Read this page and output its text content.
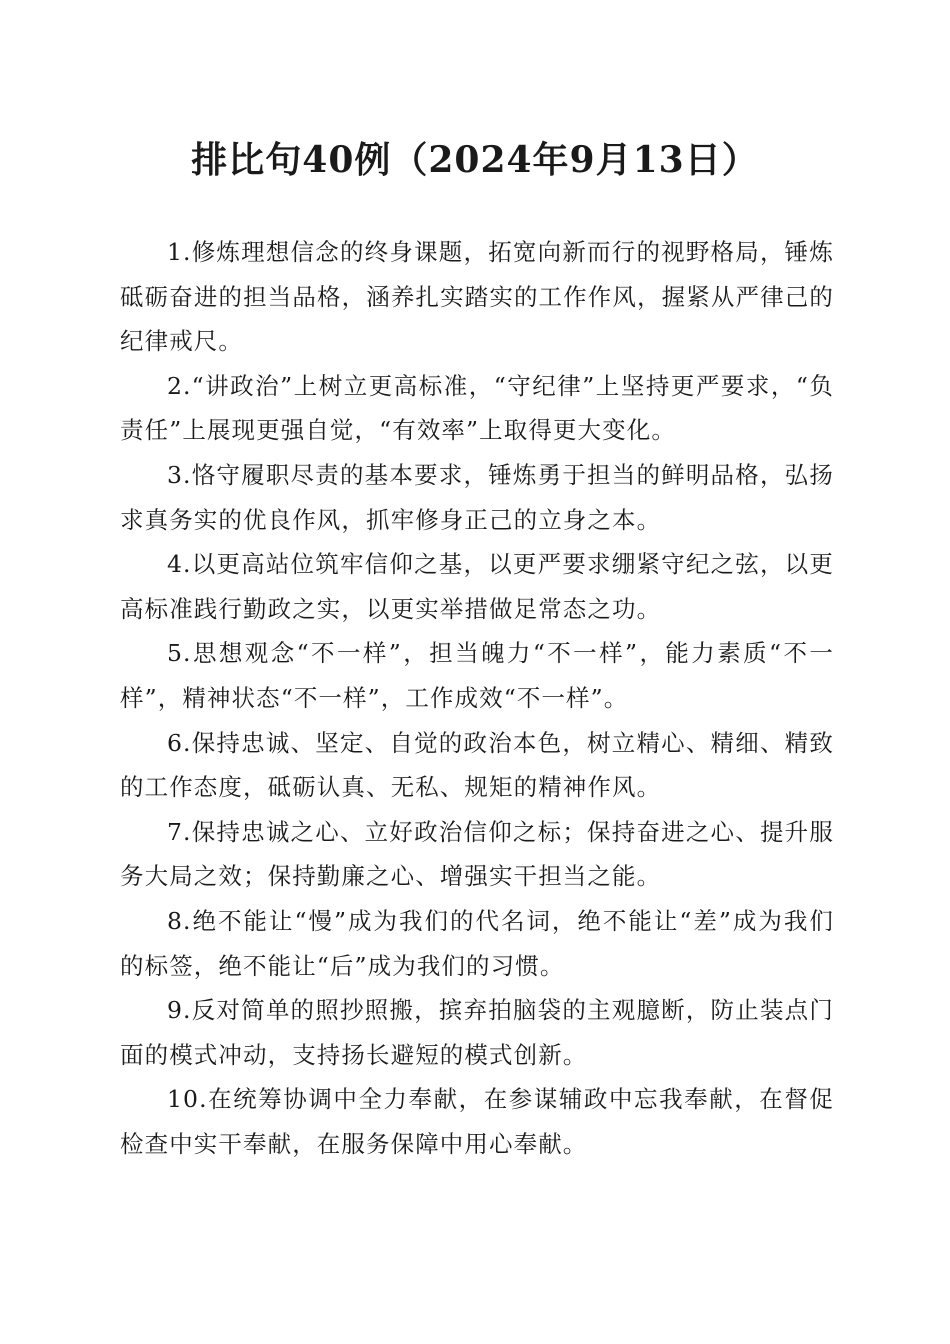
排比句40例（2024年9月13日）

1.修炼理想信念的终身课题，拓宽向新而行的视野格局，锤炼砥砺奋进的担当品格，涵养扎实踏实的工作作风，握紧从严律己的纪律戒尺。

2.“讲政治”上树立更高标准，“守纪律”上坚持更严要求，“负责任”上展现更强自觉，“有效率”上取得更大变化。

3.恪守履职尽责的基本要求，锤炼勇于担当的鲜明品格，弘扬求真务实的优良作风，抓牢修身正己的立身之本。

4.以更高站位筑牢信仰之基，以更严要求绷紧守纪之弦，以更高标准践行勤政之实，以更实举措做足常态之功。

5.思想观念“不一样”，担当魄力“不一样”，能力素质“不一样”，精神状态“不一样”，工作成效“不一样”。

6.保持忠诚、坚定、自觉的政治本色，树立精心、精细、精致的工作态度，砥砺认真、无私、规矩的精神作风。

7.保持忠诚之心、立好政治信仰之标；保持奋进之心、提升服务大局之效；保持勤廉之心、增强实干担当之能。

8.绝不能让“慢”成为我们的代名词，绝不能让“差”成为我们的标签，绝不能让“后”成为我们的习惯。

9.反对简单的照抄照搬，摈弃拍脑袋的主观臆断，防止装点门面的模式冲动，支持扬长避短的模式创新。

10.在统筹协调中全力奉献，在参谋辅政中忘我奉献，在督促检查中实干奉献，在服务保障中用心奉献。
